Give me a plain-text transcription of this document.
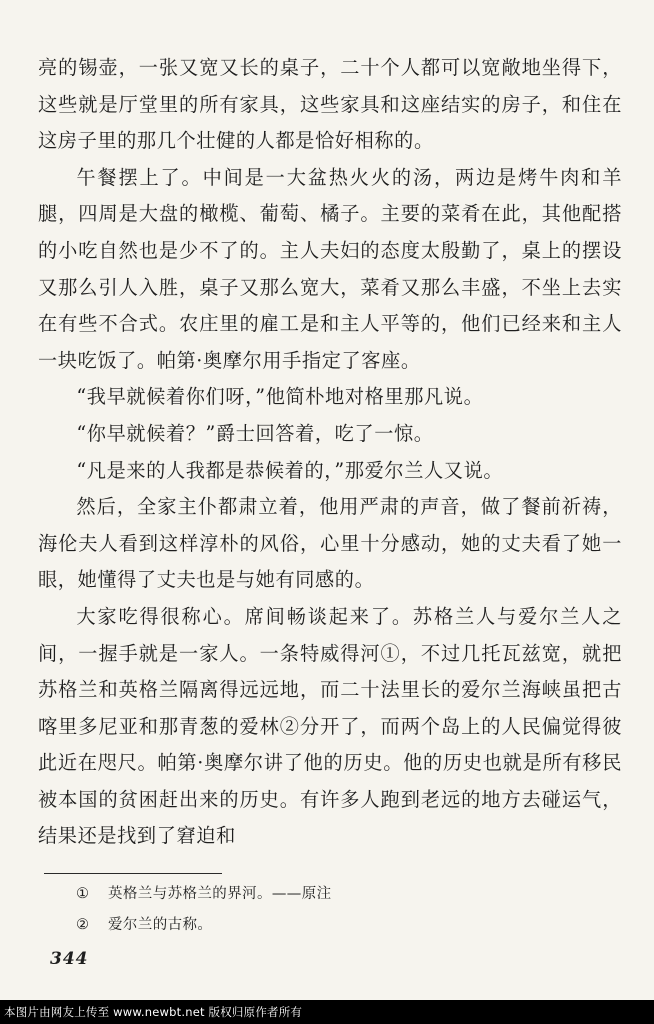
亮的锡壶，一张又宽又长的桌子，二十个人都可以宽敞地坐得下，这些就是厅堂里的所有家具，这些家具和这座结实的房子，和住在这房子里的那几个壮健的人都是恰好相称的。

午餐摆上了。中间是一大盆热火火的汤，两边是烤牛肉和羊腿，四周是大盘的橄榄、葡萄、橘子。主要的菜肴在此，其他配搭的小吃自然也是少不了的。主人夫妇的态度太殷勤了，桌上的摆设又那么引人入胜，桌子又那么宽大，菜肴又那么丰盛，不坐上去实在有些不合式。农庄里的雇工是和主人平等的，他们已经来和主人一块吃饭了。帕第·奥摩尔用手指定了客座。

“我早就候着你们呀，”他简朴地对格里那凡说。

“你早就候着？”爵士回答着，吃了一惊。

“凡是来的人我都是恭候着的，”那爱尔兰人又说。

然后，全家主仆都肃立着，他用严肃的声音，做了餐前祈祷，海伦夫人看到这样淳朴的风俗，心里十分感动，她的丈夫看了她一眼，她懂得了丈夫也是与她有同感的。

大家吃得很称心。席间畅谈起来了。苏格兰人与爱尔兰人之间，一握手就是一家人。一条特威得河①，不过几托瓦兹宽，就把苏格兰和英格兰隔离得远远地，而二十法里长的爱尔兰海峡虽把古喀里多尼亚和那青葱的爱林②分开了，而两个岛上的人民偏觉得彼此近在咫尺。帕第·奥摩尔讲了他的历史。他的历史也就是所有移民被本国的贫困赶出来的历史。有许多人跑到老远的地方去碰运气，结果还是找到了窘迫和

① 英格兰与苏格兰的界河。——原注
② 爱尔兰的古称。
344
本图片由网友上传至 www.newbt.net 版权归原作者所有
